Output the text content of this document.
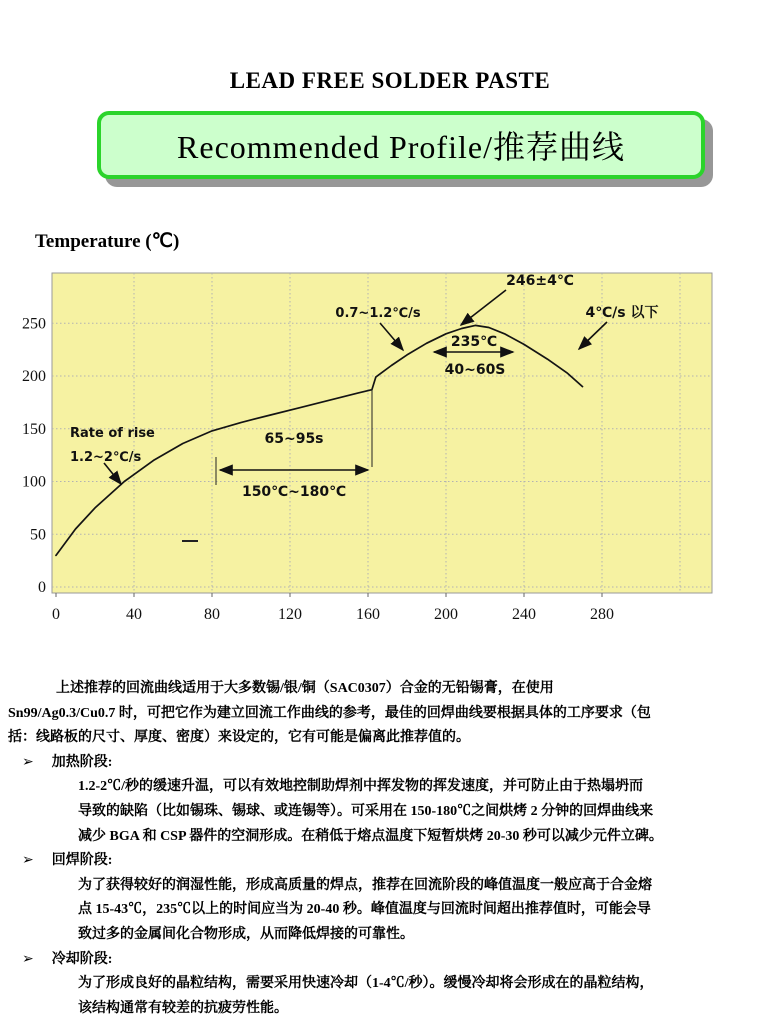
LEAD FREE SOLDER PASTE
Recommended Profile/推荐曲线
Temperature (℃)
0
50
100
150
200
250
0	40	80	120	160	200	240	280
Rate of rise
1.2~2℃/s
65~95s
150℃~180℃
0.7~1.2℃/s
246±4℃
235℃
40~60S
4℃/s 以下
上述推荐的回流曲线适用于大多数锡/银/铜（SAC0307）合金的无铅锡膏，在使用
Sn99/Ag0.3/Cu0.7 时，可把它作为建立回流工作曲线的参考，最佳的回焊曲线要根据具体的工序要求（包
括：线路板的尺寸、厚度、密度）来设定的，它有可能是偏离此推荐值的。
➢ 加热阶段:
1.2-2℃/秒的缓速升温，可以有效地控制助焊剂中挥发物的挥发速度，并可防止由于热塌坍而
导致的缺陷（比如锡珠、锡球、或连锡等）。可采用在 150-180℃之间烘烤 2 分钟的回焊曲线来
减少 BGA 和 CSP 器件的空洞形成。在稍低于熔点温度下短暂烘烤 20-30 秒可以减少元件立碑。
➢ 回焊阶段:
为了获得较好的润湿性能，形成高质量的焊点，推荐在回流阶段的峰值温度一般应高于合金熔
点 15-43℃，235℃以上的时间应当为 20-40 秒。峰值温度与回流时间超出推荐值时，可能会导
致过多的金属间化合物形成，从而降低焊接的可靠性。
➢ 冷却阶段:
为了形成良好的晶粒结构，需要采用快速冷却（1-4℃/秒）。缓慢冷却将会形成在的晶粒结构，
该结构通常有较差的抗疲劳性能。
